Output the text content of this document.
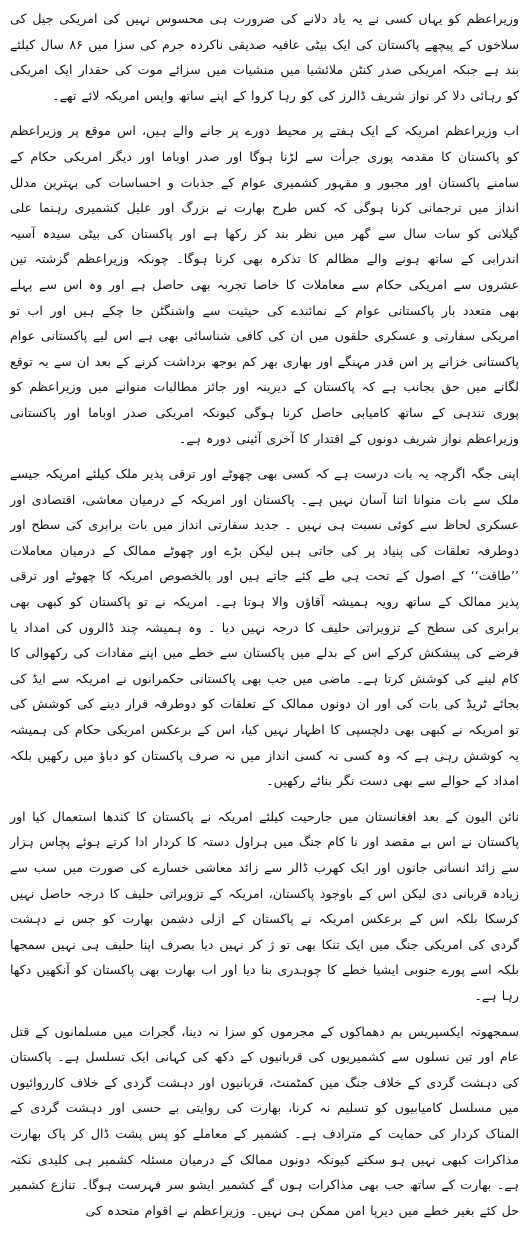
وزیراعظم کو یہاں کسی نے یہ یاد دلانے کی ضرورت ہی محسوس نہیں کی امریکی جیل کی سلاخوں کے پیچھے پاکستان کی ایک بیٹی عافیہ صدیقی ناکردہ جرم کی سزا میں ۸۶ سال کیلئے بند ہے جبکہ امریکی صدر کنٹن ملائشیا میں منشیات میں سزائے موت کی حقدار ایک امریکی کو رہائی دلا کر نواز شریف ڈالرز کی کو رہا کروا کے اپنے ساتھ واپس امریکہ لائے تھے۔

اب وزیراعظم امریکہ کے ایک ہفتے پر محیط دورے پر جانے والے ہیں، اس موقع پر وزیراعظم کو پاکستان کا مقدمہ پوری جرأت سے لڑنا ہوگا اور صدر اوباما اور دیگر امریکی حکام کے سامنے پاکستان اور مجبور و مقہور کشمیری عوام کے جذبات و احساسات کی بہترین مدلل انداز میں ترجمانی کرنا ہوگی کہ کس طرح بھارت نے بزرگ اور علیل کشمیری رہنما علی گیلانی کو سات سال سے گھر میں نظر بند کر رکھا ہے اور پاکستان کی بیٹی سیدہ آسیہ اندرابی کے ساتھ ہونے والے مظالم کا تذکرہ بھی کرنا ہوگا۔ چونکہ وزیراعظم گزشتہ تین عشروں سے امریکی حکام سے معاملات کا خاصا تجربہ بھی حاصل ہے اور وہ اس سے پہلے بھی متعدد بار پاکستانی عوام کے نمائندے کی حیثیت سے واشنگٹن جا چکے ہیں اور اب تو امریکی سفارتی و عسکری حلقوں میں ان کی کافی شناسائی بھی ہے اس لیے پاکستانی عوام پاکستانی خزانے پر اس قدر مہنگے اور بھاری بھر کم بوجھ برداشت کرنے کے بعد ان سے یہ توقع لگانے میں حق بجانب ہے کہ پاکستان کے دیرینہ اور جائز مطالبات منوانے میں وزیراعظم کو پوری تندہی کے ساتھ کامیابی حاصل کرنا ہوگی کیونکہ امریکی صدر اوباما اور پاکستانی وزیراعظم نواز شریف دونوں کے اقتدار کا آخری آئینی دورہ ہے۔

اپنی جگہ اگرچہ یہ بات درست ہے کہ کسی بھی چھوٹے اور ترقی پذیر ملک کیلئے امریکہ جیسے ملک سے بات منوانا اتنا آسان نہیں ہے۔ پاکستان اور امریکہ کے درمیان معاشی، اقتصادی اور عسکری لحاظ سے کوئی نسبت ہی نہیں ۔ جدید سفارتی انداز میں بات برابری کی سطح اور دوطرفہ تعلقات کی بنیاد پر کی جاتی ہیں لیکن بڑے اور چھوٹے ممالک کے درمیان معاملات ’’طاقت‘‘ کے اصول کے تحت ہی طے کئے جاتے ہیں اور بالخصوص امریکہ کا چھوٹے اور ترقی پذیر ممالک کے ساتھ رویہ ہمیشہ آقاؤں والا ہوتا ہے۔ امریکہ نے تو پاکستان کو کبھی بھی برابری کی سطح کے تزویراتی حلیف کا درجہ نہیں دیا ۔ وہ ہمیشہ چند ڈالروں کی امداد یا قرضے کی پیشکش کرکے اس کے بدلے میں پاکستان سے خطے میں اپنے مفادات کی رکھوالی کا کام لینے کی کوشش کرتا ہے۔ ماضی میں جب بھی پاکستانی حکمرانوں نے امریکہ سے ایڈ کی بجائے ٹریڈ کی بات کی اور ان دونوں ممالک کے تعلقات کو دوطرفہ قرار دینے کی کوشش کی تو امریکہ نے کبھی بھی دلچسپی کا اظہار نہیں کیا، اس کے برعکس امریکی حکام کی ہمیشہ یہ کوشش رہی ہے کہ وہ کسی نہ کسی انداز میں نہ صرف پاکستان کو دباؤ میں رکھیں بلکہ امداد کے حوالے سے بھی دست نگر بنائے رکھیں۔

نائن الیون کے بعد افغانستان میں جارحیت کیلئے امریکہ نے پاکستان کا کندھا استعمال کیا اور پاکستان نے اس بے مقصد اور نا کام جنگ میں ہراول دستہ کا کردار ادا کرتے ہوئے پچاس ہزار سے زائد انسانی جانوں اور ایک کھرب ڈالر سے زائد معاشی خسارے کی صورت میں سب سے زیادہ قربانی دی لیکن اس کے باوجود پاکستان، امریکہ کے تزویراتی حلیف کا درجہ حاصل نہیں کرسکا بلکہ اس کے برعکس امریکہ نے پاکستان کے ازلی دشمن بھارت کو جس نے دہشت گردی کی امریکی جنگ میں ایک تنکا بھی تو ژ کر نہیں دیا بصرف اپنا حلیف ہی نہیں سمجھا بلکہ اسے پورے جنوبی ایشیا خطے کا چوہدری بنا دیا اور اب بھارت بھی پاکستان کو آنکھیں دکھا رہا ہے۔

سمجھوتہ ایکسپریس بم دھماکوں کے مجرموں کو سزا نہ دینا، گجرات میں مسلمانوں کے قتل عام اور تین نسلوں سے کشمیریوں کی قربانیوں کے دکھ کی کہانی ایک تسلسل ہے۔ پاکستان کی دہشت گردی کے خلاف جنگ میں کمٹمنٹ، قربانیوں اور دہشت گردی کے خلاف کارروائیوں میں مسلسل کامیابیوں کو تسلیم نہ کرنا، بھارت کی روایتی بے حسی اور دہشت گردی کے المناک کردار کی حمایت کے مترادف ہے۔ کشمیر کے معاملے کو پس پشت ڈال کر پاک بھارت مذاکرات کبھی نہیں ہو سکتے کیونکہ دونوں ممالک کے درمیان مسئلہ کشمیر ہی کلیدی نکتہ ہے۔ بھارت کے ساتھ جب بھی مذاکرات ہوں گے کشمیر ایشو سر فہرست ہوگا۔ تنازع کشمیر حل کئے بغیر خطے میں دیرپا امن ممکن ہی نہیں۔ وزیراعظم نے اقوام متحدہ کی
